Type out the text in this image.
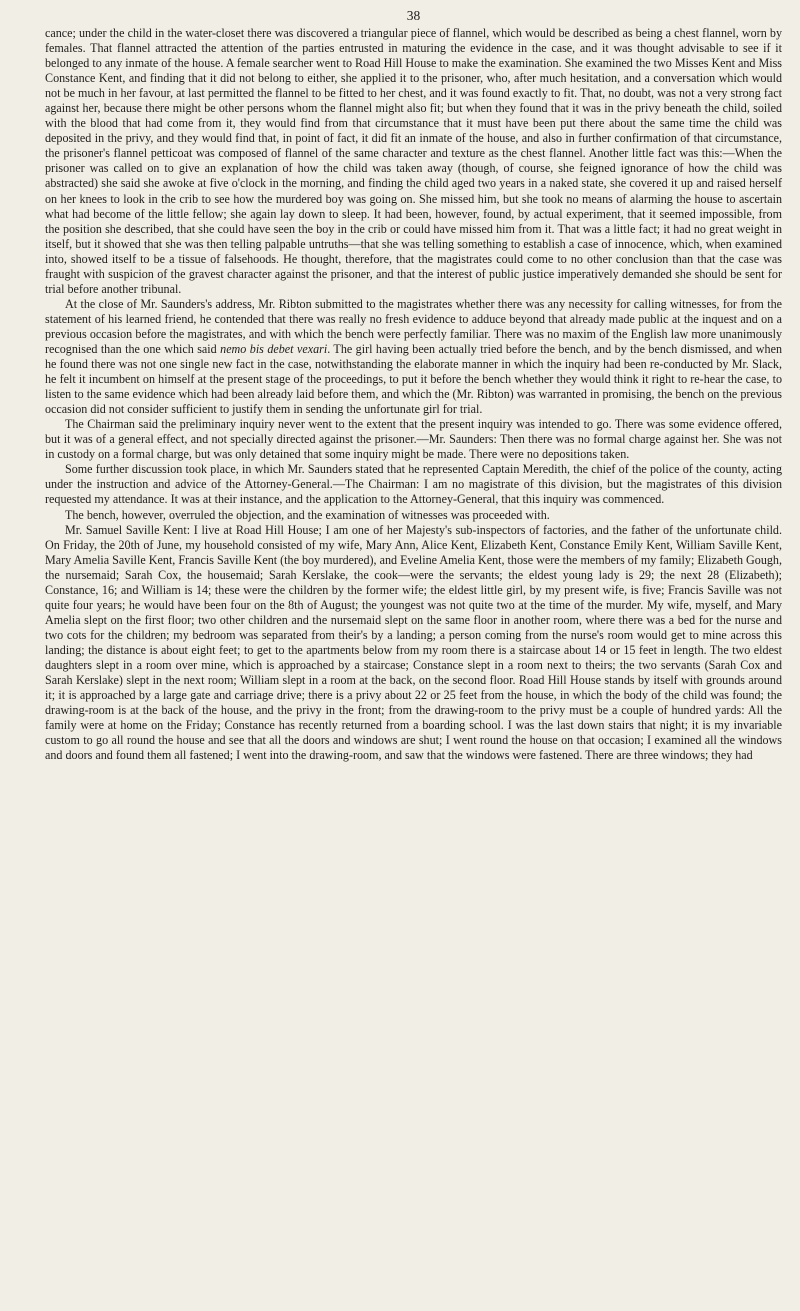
38

cance; under the child in the water-closet there was discovered a triangular piece of flannel, which would be described as being a chest flannel, worn by females. That flannel attracted the attention of the parties entrusted in maturing the evidence in the case, and it was thought advisable to see if it belonged to any inmate of the house. A female searcher went to Road Hill House to make the examination. She examined the two Misses Kent and Miss Constance Kent, and finding that it did not belong to either, she applied it to the prisoner, who, after much hesitation, and a conversation which would not be much in her favour, at last permitted the flannel to be fitted to her chest, and it was found exactly to fit. That, no doubt, was not a very strong fact against her, because there might be other persons whom the flannel might also fit; but when they found that it was in the privy beneath the child, soiled with the blood that had come from it, they would find from that circumstance that it must have been put there about the same time the child was deposited in the privy, and they would find that, in point of fact, it did fit an inmate of the house, and also in further confirmation of that circumstance, the prisoner's flannel petticoat was composed of flannel of the same character and texture as the chest flannel. Another little fact was this:—When the prisoner was called on to give an explanation of how the child was taken away (though, of course, she feigned ignorance of how the child was abstracted) she said she awoke at five o'clock in the morning, and finding the child aged two years in a naked state, she covered it up and raised herself on her knees to look in the crib to see how the murdered boy was going on. She missed him, but she took no means of alarming the house to ascertain what had become of the little fellow; she again lay down to sleep. It had been, however, found, by actual experiment, that it seemed impossible, from the position she described, that she could have seen the boy in the crib or could have missed him from it. That was a little fact; it had no great weight in itself, but it showed that she was then telling palpable untruths—that she was telling something to establish a case of innocence, which, when examined into, showed itself to be a tissue of falsehoods. He thought, therefore, that the magistrates could come to no other conclusion than that the case was fraught with suspicion of the gravest character against the prisoner, and that the interest of public justice imperatively demanded she should be sent for trial before another tribunal.

At the close of Mr. Saunders's address, Mr. Ribton submitted to the magistrates whether there was any necessity for calling witnesses, for from the statement of his learned friend, he contended that there was really no fresh evidence to adduce beyond that already made public at the inquest and on a previous occasion before the magistrates, and with which the bench were perfectly familiar. There was no maxim of the English law more unanimously recognised than the one which said nemo bis debet vexari. The girl having been actually tried before the bench, and by the bench dismissed, and when he found there was not one single new fact in the case, notwithstanding the elaborate manner in which the inquiry had been re-conducted by Mr. Slack, he felt it incumbent on himself at the present stage of the proceedings, to put it before the bench whether they would think it right to re-hear the case, to listen to the same evidence which had been already laid before them, and which the (Mr. Ribton) was warranted in promising, the bench on the previous occasion did not consider sufficient to justify them in sending the unfortunate girl for trial.

The Chairman said the preliminary inquiry never went to the extent that the present inquiry was intended to go. There was some evidence offered, but it was of a general effect, and not specially directed against the prisoner.—Mr. Saunders: Then there was no formal charge against her. She was not in custody on a formal charge, but was only detained that some inquiry might be made. There were no depositions taken.

Some further discussion took place, in which Mr. Saunders stated that he represented Captain Meredith, the chief of the police of the county, acting under the instruction and advice of the Attorney-General.—The Chairman: I am no magistrate of this division, but the magistrates of this division requested my attendance. It was at their instance, and the application to the Attorney-General, that this inquiry was commenced.

The bench, however, overruled the objection, and the examination of witnesses was proceeded with.

Mr. Samuel Saville Kent: I live at Road Hill House; I am one of her Majesty's sub-inspectors of factories, and the father of the unfortunate child. On Friday, the 20th of June, my household consisted of my wife, Mary Ann, Alice Kent, Elizabeth Kent, Constance Emily Kent, William Saville Kent, Mary Amelia Saville Kent, Francis Saville Kent (the boy murdered), and Eveline Amelia Kent, those were the members of my family; Elizabeth Gough, the nursemaid; Sarah Cox, the housemaid; Sarah Kerslake, the cook—were the servants; the eldest young lady is 29; the next 28 (Elizabeth); Constance, 16; and William is 14; these were the children by the former wife; the eldest little girl, by my present wife, is five; Francis Saville was not quite four years; he would have been four on the 8th of August; the youngest was not quite two at the time of the murder. My wife, myself, and Mary Amelia slept on the first floor; two other children and the nursemaid slept on the same floor in another room, where there was a bed for the nurse and two cots for the children; my bedroom was separated from their's by a landing; a person coming from the nurse's room would get to mine across this landing; the distance is about eight feet; to get to the apartments below from my room there is a staircase about 14 or 15 feet in length. The two eldest daughters slept in a room over mine, which is approached by a staircase; Constance slept in a room next to theirs; the two servants (Sarah Cox and Sarah Kerslake) slept in the next room; William slept in a room at the back, on the second floor. Road Hill House stands by itself with grounds around it; it is approached by a large gate and carriage drive; there is a privy about 22 or 25 feet from the house, in which the body of the child was found; the drawing-room is at the back of the house, and the privy in the front; from the drawing-room to the privy must be a couple of hundred yards: All the family were at home on the Friday; Constance has recently returned from a boarding school. I was the last down stairs that night; it is my invariable custom to go all round the house and see that all the doors and windows are shut; I went round the house on that occasion; I examined all the windows and doors and found them all fastened; I went into the drawing-room, and saw that the windows were fastened. There are three windows; they had
